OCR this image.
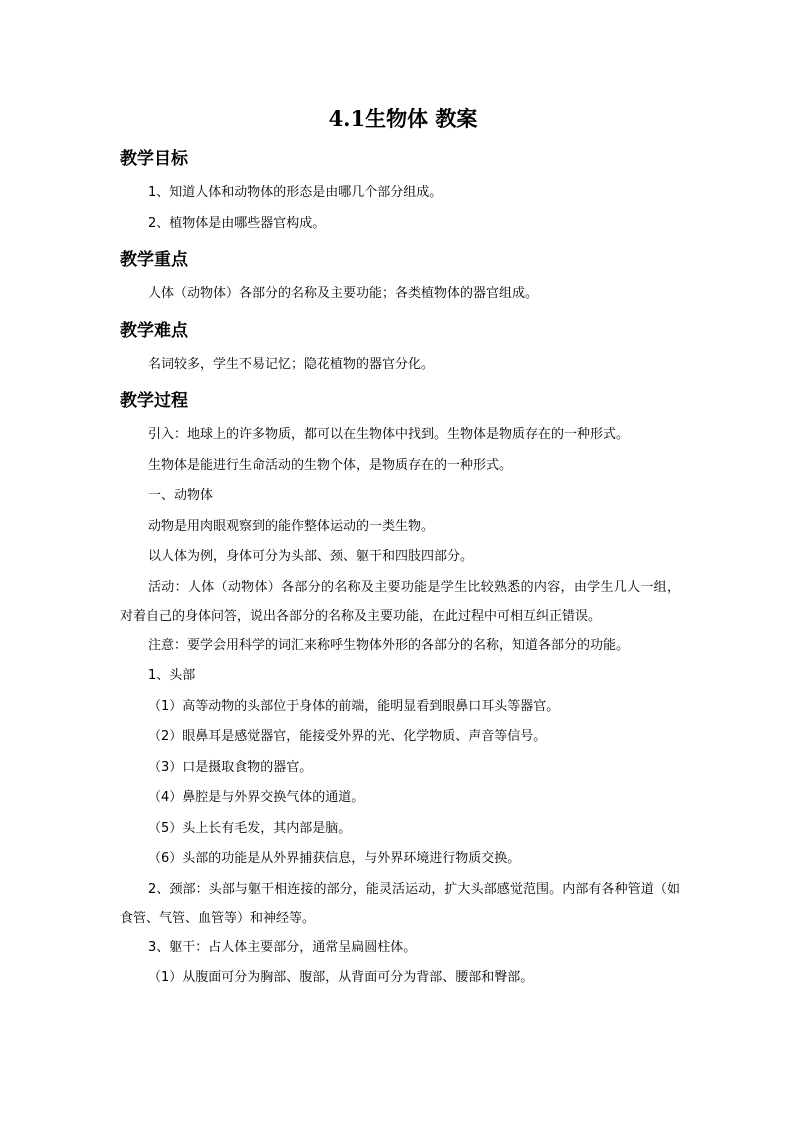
4.1生物体 教案
教学目标

1、知道人体和动物体的形态是由哪几个部分组成。

2、植物体是由哪些器官构成。

教学重点

人体（动物体）各部分的名称及主要功能；各类植物体的器官组成。

教学难点

名词较多，学生不易记忆；隐花植物的器官分化。

教学过程

引入：地球上的许多物质，都可以在生物体中找到。生物体是物质存在的一种形式。

生物体是能进行生命活动的生物个体，是物质存在的一种形式。

一、动物体

动物是用肉眼观察到的能作整体运动的一类生物。

以人体为例，身体可分为头部、颈、躯干和四肢四部分。

活动：人体（动物体）各部分的名称及主要功能是学生比较熟悉的内容，由学生几人一组，对着自己的身体问答，说出各部分的名称及主要功能，在此过程中可相互纠正错误。

注意：要学会用科学的词汇来称呼生物体外形的各部分的名称，知道各部分的功能。

1、头部

（1）高等动物的头部位于身体的前端，能明显看到眼鼻口耳头等器官。

（2）眼鼻耳是感觉器官，能接受外界的光、化学物质、声音等信号。

（3）口是摄取食物的器官。

（4）鼻腔是与外界交换气体的通道。

（5）头上长有毛发，其内部是脑。

（6）头部的功能是从外界捕获信息，与外界环境进行物质交换。

2、颈部：头部与躯干相连接的部分，能灵活运动，扩大头部感觉范围。内部有各种管道（如食管、气管、血管等）和神经等。

3、躯干：占人体主要部分，通常呈扁圆柱体。

（1）从腹面可分为胸部、腹部，从背面可分为背部、腰部和臀部。
